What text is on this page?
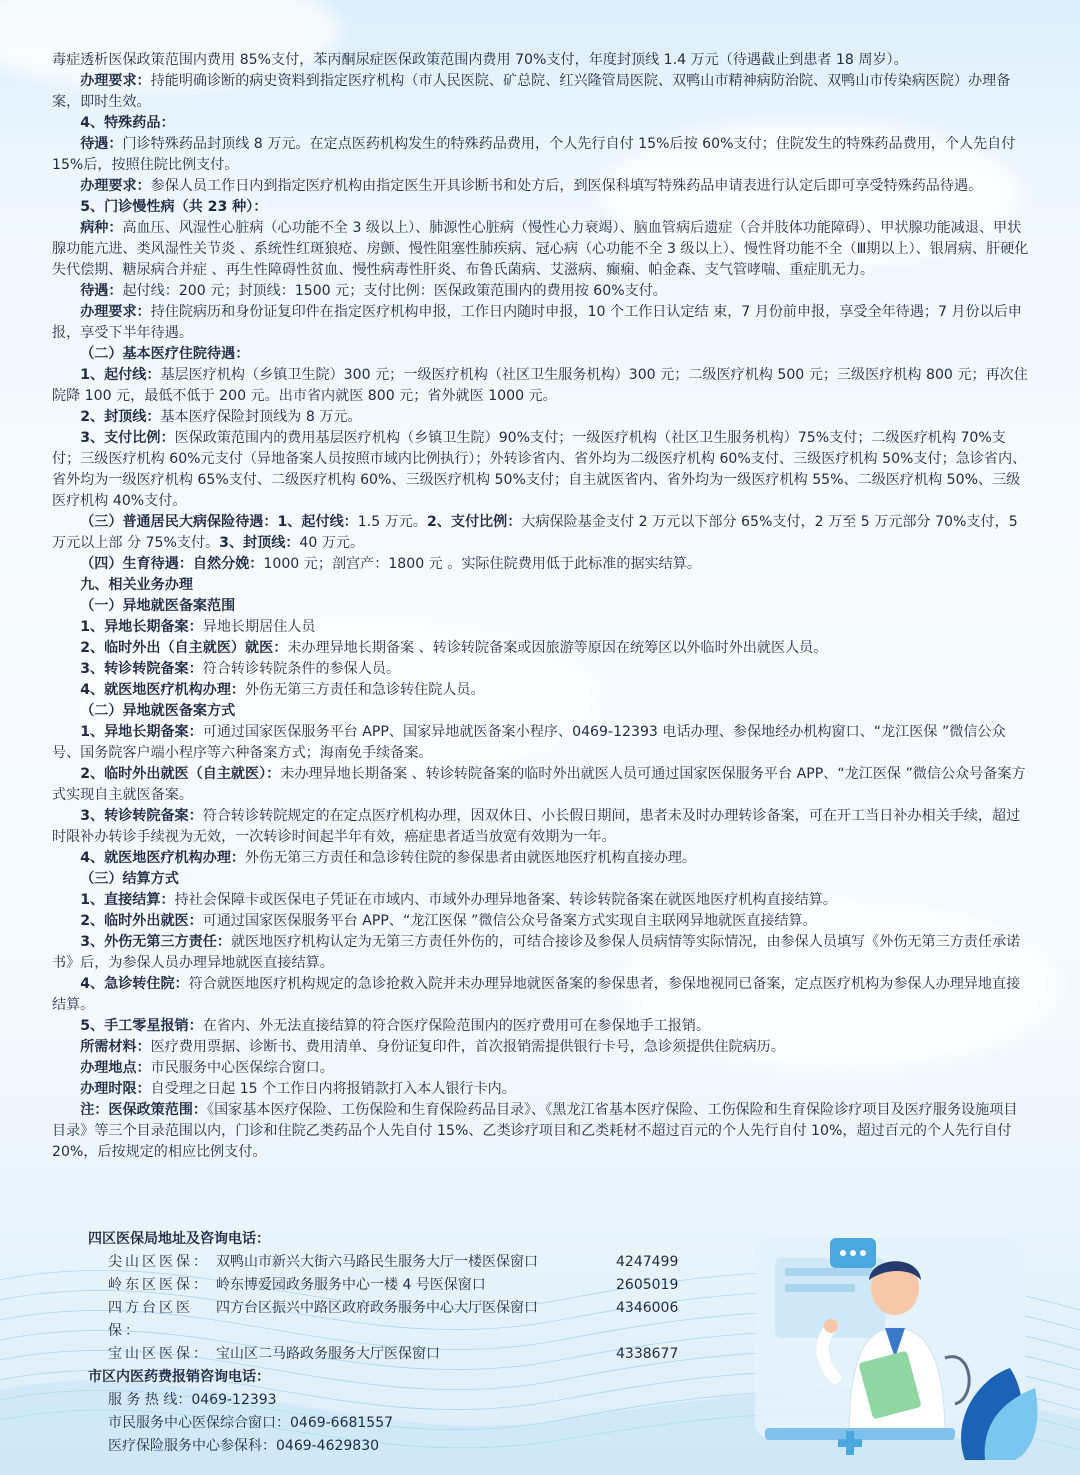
毒症透析医保政策范围内费用 85%支付，苯丙酮尿症医保政策范围内费用 70%支付，年度封顶线 1.4 万元（待遇截止到患者 18 周岁）。

办理要求：持能明确诊断的病史资料到指定医疗机构（市人民医院、矿总院、红兴隆管局医院、双鸭山市精神病防治院、双鸭山市传染病医院）办理备案，即时生效。

4、特殊药品：

待遇：门诊特殊药品封顶线 8 万元。在定点医药机构发生的特殊药品费用，个人先行自付 15%后按 60%支付；住院发生的特殊药品费用，个人先自付 15%后，按照住院比例支付。

办理要求：参保人员工作日内到指定医疗机构由指定医生开具诊断书和处方后，到医保科填写特殊药品申请表进行认定后即可享受特殊药品待遇。

5、门诊慢性病（共 23 种）：

病种：高血压、风湿性心脏病（心功能不全 3 级以上）、肺源性心脏病（慢性心力衰竭）、脑血管病后遗症（合并肢体功能障碍）、甲状腺功能减退、甲状腺功能亢进、类风湿性关节炎 、系统性红斑狼疮、房颤、慢性阻塞性肺疾病、冠心病（心功能不全 3 级以上）、慢性肾功能不全（Ⅲ期以上）、银屑病、肝硬化失代偿期、糖尿病合并症 、再生性障碍性贫血、慢性病毒性肝炎、布鲁氏菌病、艾滋病、癫痫、帕金森、支气管哮喘、重症肌无力。

待遇：起付线：200 元；封顶线：1500 元；支付比例：医保政策范围内的费用按 60%支付。

办理要求：持住院病历和身份证复印件在指定医疗机构申报，工作日内随时申报，10 个工作日认定结 束，7 月份前申报，享受全年待遇；7 月份以后申报，享受下半年待遇。

（二）基本医疗住院待遇：

1、起付线：基层医疗机构（乡镇卫生院）300 元；一级医疗机构（社区卫生服务机构）300 元；二级医疗机构 500 元；三级医疗机构 800 元；再次住院降 100 元，最低不低于 200 元。出市省内就医 800 元；省外就医 1000 元。

2、封顶线：基本医疗保险封顶线为 8 万元。

3、支付比例：医保政策范围内的费用基层医疗机构（乡镇卫生院）90%支付；一级医疗机构（社区卫生服务机构）75%支付；二级医疗机构 70%支付；三级医疗机构 60%元支付（异地备案人员按照市域内比例执行）；外转诊省内、省外均为二级医疗机构 60%支付、三级医疗机构 50%支付；急诊省内、省外均为一级医疗机构 65%支付、二级医疗机构 60%、三级医疗机构 50%支付；自主就医省内、省外均为一级医疗机构 55%、二级医疗机构 50%、三级医疗机构 40%支付。

（三）普通居民大病保险待遇：1、起付线：1.5 万元。2、支付比例：大病保险基金支付 2 万元以下部分 65%支付，2 万至 5 万元部分 70%支付，5 万元以上部 分 75%支付。3、封顶线：40 万元。

（四）生育待遇：自然分娩：1000 元；剖宫产：1800 元 。实际住院费用低于此标准的据实结算。

九、相关业务办理

（一）异地就医备案范围

1、异地长期备案：异地长期居住人员

2、临时外出（自主就医）就医：未办理异地长期备案 、转诊转院备案或因旅游等原因在统筹区以外临时外出就医人员。

3、转诊转院备案：符合转诊转院条件的参保人员。

4、就医地医疗机构办理：外伤无第三方责任和急诊转住院人员。

（二）异地就医备案方式

1、异地长期备案：可通过国家医保服务平台 APP、国家异地就医备案小程序、0469-12393 电话办理、参保地经办机构窗口、“龙江医保 ”微信公众号、国务院客户端小程序等六种备案方式；海南免手续备案。

2、临时外出就医（自主就医）：未办理异地长期备案 、转诊转院备案的临时外出就医人员可通过国家医保服务平台 APP、“龙江医保 ”微信公众号备案方式实现自主就医备案。

3、转诊转院备案：符合转诊转院规定的在定点医疗机构办理，因双休日、小长假日期间，患者未及时办理转诊备案，可在开工当日补办相关手续，超过时限补办转诊手续视为无效，一次转诊时间起半年有效，癌症患者适当放宽有效期为一年。

4、就医地医疗机构办理：外伤无第三方责任和急诊转住院的参保患者由就医地医疗机构直接办理。

（三）结算方式

1、直接结算：持社会保障卡或医保电子凭证在市域内、市域外办理异地备案、转诊转院备案在就医地医疗机构直接结算。

2、临时外出就医：可通过国家医保服务平台 APP、“龙江医保 ”微信公众号备案方式实现自主联网异地就医直接结算。

3、外伤无第三方责任：就医地医疗机构认定为无第三方责任外伤的，可结合接诊及参保人员病情等实际情况，由参保人员填写《外伤无第三方责任承诺书》后，为参保人员办理异地就医直接结算。

4、急诊转住院：符合就医地医疗机构规定的急诊抢救入院并未办理异地就医备案的参保患者，参保地视同已备案，定点医疗机构为参保人办理异地直接结算。

5、手工零星报销：在省内、外无法直接结算的符合医疗保险范围内的医疗费用可在参保地手工报销。

所需材料：医疗费用票据、诊断书、费用清单、身份证复印件，首次报销需提供银行卡号，急诊须提供住院病历。

办理地点：市民服务中心医保综合窗口。

办理时限：自受理之日起 15 个工作日内将报销款打入本人银行卡内。

注：医保政策范围：《国家基本医疗保险、工伤保险和生育保险药品目录》、《黑龙江省基本医疗保险、工伤保险和生育保险诊疗项目及医疗服务设施项目目录》等三个目录范围以内，门诊和住院乙类药品个人先自付 15%、乙类诊疗项目和乙类耗材不超过百元的个人先行自付 10%，超过百元的个人先行自付 20%，后按规定的相应比例支付。

四区医保局地址及咨询电话：
尖山区医保： 双鸭山市新兴大街六马路民生服务大厅一楼医保窗口	4247499
岭东区医保： 岭东博爱园政务服务中心一楼 4 号医保窗口	2605019
四方台区医保：
四方台区振兴中路区政府政务服务中心大厅医保窗口	4346006
宝山区医保： 宝山区二马路政务服务大厅医保窗口	4338677
市区内医药费报销咨询电话：
服 务 热 线：0469-12393
市民服务中心医保综合窗口：0469-6681557
医疗保险服务中心参保科：0469-4629830
